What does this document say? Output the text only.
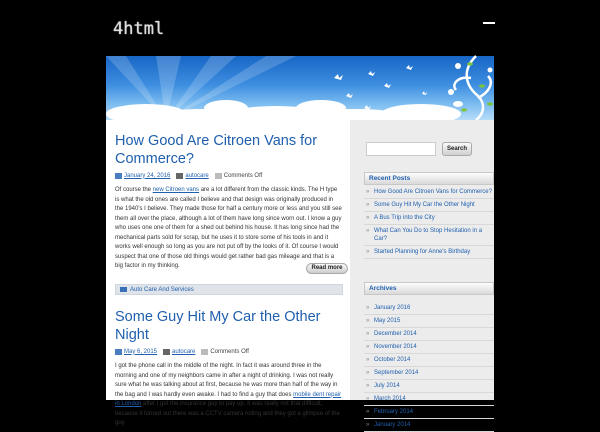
4html
How Good Are Citroen Vans for Commerce?
January 24, 2016	autocare	Comments Off

Of course the new Citroen vans are a lot different from the classic kinds. The H type is what the old ones are called I believe and that design was originally produced in the 1940's I believe. They made those for half a century more or less and you still see them all over the place, although a lot of them have long since worn out. I know a guy who uses one one of them for a shed out behind his house. It has long since had the mechanical parts sold for scrap, but he uses it to store some of his tools in and it works well enough so long as you are not put off by the looks of it. Of course I would suspect that one of those old things would get rather bad gas mileage and that is a big factor in my thinking.	Read more
Auto Care And Services
Some Guy Hit My Car the Other Night
May 6, 2015	autocare	Comments Off

I got the phone call in the middle of the night. In fact it was around three in the morning and one of my neighbors came in after a night of drinking. I was not really sure what he was talking about at first, because he was more than half of the way in the bag and I was hardly even awake. I had to find a guy that does mobile dent repair in London after I got the insurance guy to pay up. It was really not that difficult, because it turned out there was a CCTV camera rolling and they got a glimpse of the guy

Search
Recent Posts
» How Good Are Citroen Vans for Commerce?
» Some Guy Hit My Car the Other Night
» A Bus Trip into the City
» What Can You Do to Stop Hesitation in a Car?
» Started Planning for Anne's Birthday
Archives
» January 2016
» May 2015
» December 2014
» November 2014
» October 2014
» September 2014
» July 2014
» March 2014
» February 2014
» January 2014
